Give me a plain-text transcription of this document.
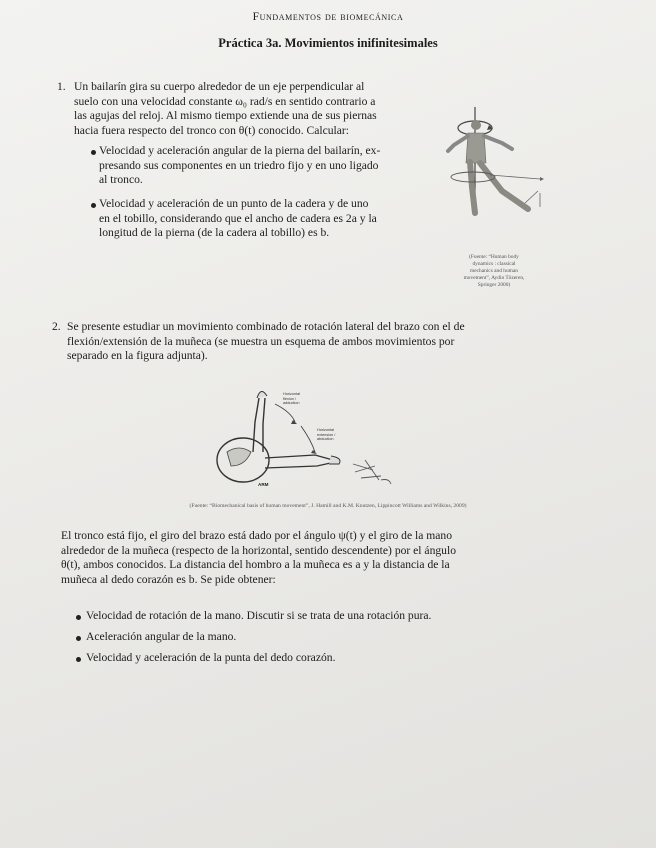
Fundamentos de biomecánica
Práctica 3a. Movimientos inifinitesimales
1. Un bailarín gira su cuerpo alrededor de un eje perpendicular al
suelo con una velocidad constante ω₀ rad/s en sentido contrario a
las agujas del reloj. Al mismo tiempo extiende una de sus piernas
hacia fuera respecto del tronco con θ(t) conocido. Calcular:
Velocidad y aceleración angular de la pierna del bailarín, ex-
presando sus componentes en un triedro fijo y en uno ligado
al tronco.
Velocidad y aceleración de un punto de la cadera y de uno
en el tobillo, considerando que el ancho de cadera es 2a y la
longitud de la pierna (de la cadera al tobillo) es b.
(Fuente: “Human body
dynamics : classical
mechanics and human
movement”, Aydin Tözeren,
Springer 2000)
2. Se presente estudiar un movimiento combinado de rotación lateral del brazo con el de
flexión/extensión de la muñeca (se muestra un esquema de ambos movimientos por
separado en la figura adjunta).
ARM
Horizontal
flexion /
adduction
Horizontal
extension /
abduction
(Fuente: “Biomechanical basis of human movement”, J. Hamill and K.M. Knutzen, Lippincott Williams and Wilkins, 2009)
El tronco está fijo, el giro del brazo está dado por el ángulo ψ(t) y el giro de la mano
alrededor de la muñeca (respecto de la horizontal, sentido descendente) por el ángulo
θ(t), ambos conocidos. La distancia del hombro a la muñeca es a y la distancia de la
muñeca al dedo corazón es b. Se pide obtener:
Velocidad de rotación de la mano. Discutir si se trata de una rotación pura.
Aceleración angular de la mano.
Velocidad y aceleración de la punta del dedo corazón.
